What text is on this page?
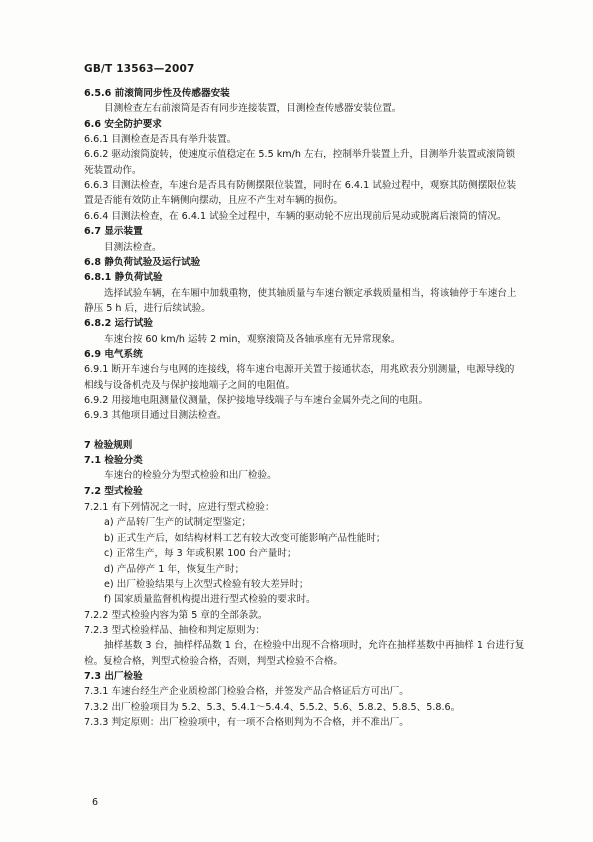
GB/T 13563—2007
6.5.6 前滚筒同步性及传感器安装
目测检查左右前滚筒是否有同步连接装置，目测检查传感器安装位置。
6.6 安全防护要求
6.6.1 目测检查是否具有举升装置。
6.6.2 驱动滚筒旋转，使速度示值稳定在 5.5 km/h 左右，控制举升装置上升，目测举升装置或滚筒锁
死装置动作。
6.6.3 目测法检查，车速台是否具有防侧摆限位装置，同时在 6.4.1 试验过程中，观察其防侧摆限位装
置是否能有效防止车辆侧向摆动，且应不产生对车辆的损伤。
6.6.4 目测法检查，在 6.4.1 试验全过程中，车辆的驱动轮不应出现前后晃动或脱离后滚筒的情况。
6.7 显示装置
目测法检查。
6.8 静负荷试验及运行试验
6.8.1 静负荷试验
选择试验车辆，在车厢中加载重物，使其轴质量与车速台额定承载质量相当，将该轴停于车速台上
静压 5 h 后，进行后续试验。
6.8.2 运行试验
车速台按 60 km/h 运转 2 min，观察滚筒及各轴承座有无异常现象。
6.9 电气系统
6.9.1 断开车速台与电网的连接线，将车速台电源开关置于接通状态，用兆欧表分别测量，电源导线的
相线与设备机壳及与保护接地端子之间的电阻值。
6.9.2 用接地电阻测量仪测量，保护接地导线端子与车速台金属外壳之间的电阻。
6.9.3 其他项目通过目测法检查。
7 检验规则
7.1 检验分类
车速台的检验分为型式检验和出厂检验。
7.2 型式检验
7.2.1 有下列情况之一时，应进行型式检验：
a) 产品转厂生产的试制定型鉴定；
b) 正式生产后，如结构材料工艺有较大改变可能影响产品性能时；
c) 正常生产，每 3 年或积累 100 台产量时；
d) 产品停产 1 年，恢复生产时；
e) 出厂检验结果与上次型式检验有较大差异时；
f) 国家质量监督机构提出进行型式检验的要求时。
7.2.2 型式检验内容为第 5 章的全部条款。
7.2.3 型式检验样品、抽检和判定原则为：
抽样基数 3 台，抽样样品数 1 台，在检验中出现不合格项时，允许在抽样基数中再抽样 1 台进行复
检。复检合格，判型式检验合格，否则，判型式检验不合格。
7.3 出厂检验
7.3.1 车速台经生产企业质检部门检验合格，并签发产品合格证后方可出厂。
7.3.2 出厂检验项目为 5.2、5.3、5.4.1～5.4.4、5.5.2、5.6、5.8.2、5.8.5、5.8.6。
7.3.3 判定原则：出厂检验项中，有一项不合格则判为不合格，并不准出厂。
6
